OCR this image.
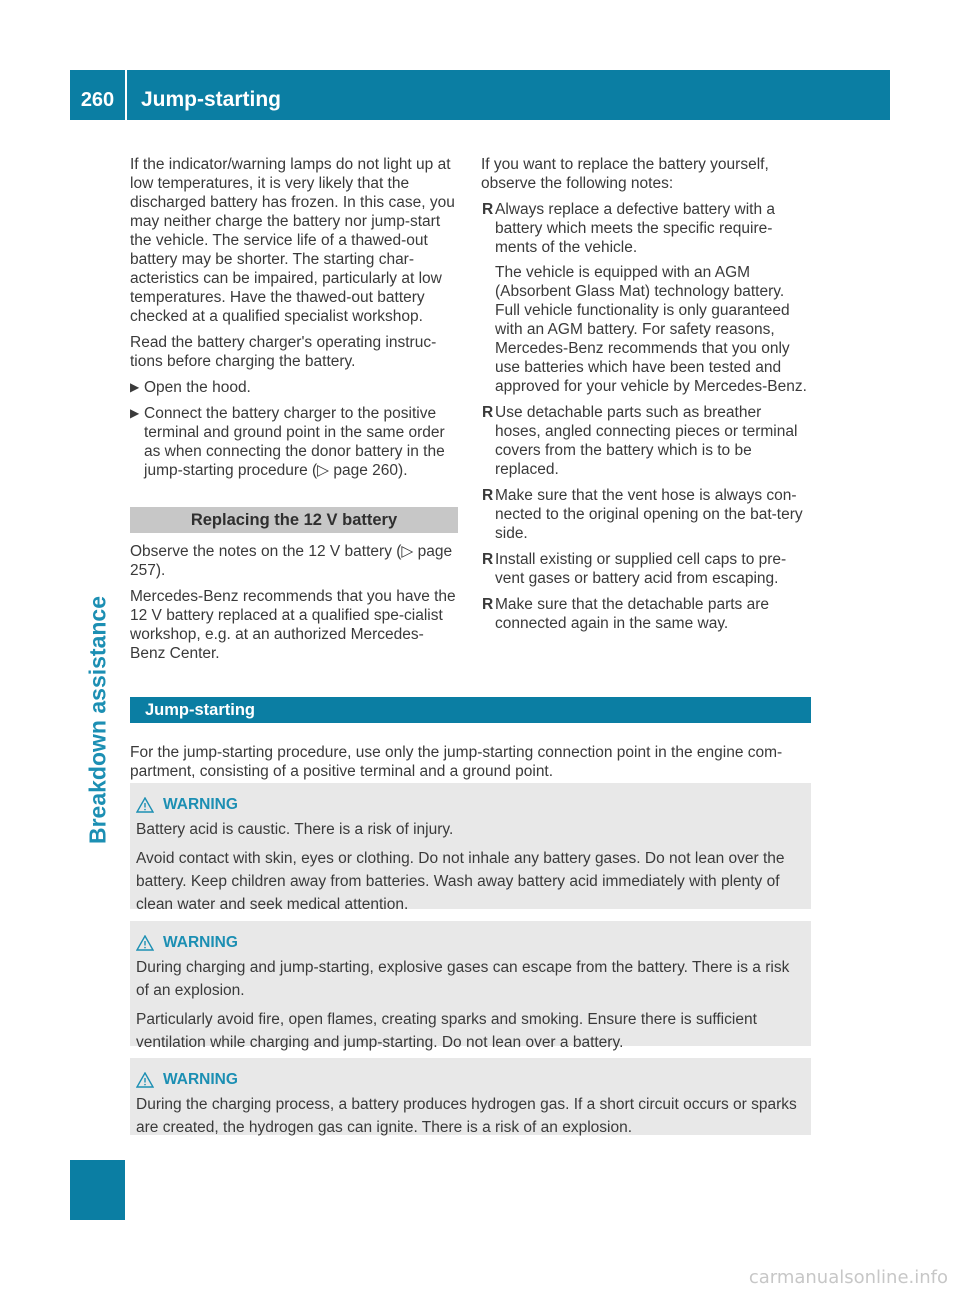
260	Jump-starting
Breakdown assistance

If the indicator/warning lamps do not light up at low temperatures, it is very likely that the discharged battery has frozen. In this case, you may neither charge the battery nor jump-start the vehicle. The service life of a thawed-out battery may be shorter. The starting char-acteristics can be impaired, particularly at low temperatures. Have the thawed-out battery checked at a qualified specialist workshop.

Read the battery charger's operating instruc-tions before charging the battery.

▶ Open the hood.
▶ Connect the battery charger to the positive terminal and ground point in the same order as when connecting the donor battery in the jump-starting procedure (▷ page 260).
Replacing the 12 V battery

Observe the notes on the 12 V battery (▷ page 257).

Mercedes-Benz recommends that you have the 12 V battery replaced at a qualified spe-cialist workshop, e.g. at an authorized Mercedes-Benz Center.

If you want to replace the battery yourself, observe the following notes:

R Always replace a defective battery with a battery which meets the specific require-ments of the vehicle.
The vehicle is equipped with an AGM (Absorbent Glass Mat) technology battery. Full vehicle functionality is only guaranteed with an AGM battery. For safety reasons, Mercedes-Benz recommends that you only use batteries which have been tested and approved for your vehicle by Mercedes-Benz.
R Use detachable parts such as breather hoses, angled connecting pieces or terminal covers from the battery which is to be replaced.
R Make sure that the vent hose is always con-nected to the original opening on the bat-tery side.
R Install existing or supplied cell caps to pre-vent gases or battery acid from escaping.
R Make sure that the detachable parts are connected again in the same way.
Jump-starting

For the jump-starting procedure, use only the jump-starting connection point in the engine com-partment, consisting of a positive terminal and a ground point.

WARNING

Battery acid is caustic. There is a risk of injury.

Avoid contact with skin, eyes or clothing. Do not inhale any battery gases. Do not lean over the battery. Keep children away from batteries. Wash away battery acid immediately with plenty of clean water and seek medical attention.

WARNING

During charging and jump-starting, explosive gases can escape from the battery. There is a risk of an explosion.

Particularly avoid fire, open flames, creating sparks and smoking. Ensure there is sufficient ventilation while charging and jump-starting. Do not lean over a battery.

WARNING

During the charging process, a battery produces hydrogen gas. If a short circuit occurs or sparks are created, the hydrogen gas can ignite. There is a risk of an explosion.

carmanualsonline.info
